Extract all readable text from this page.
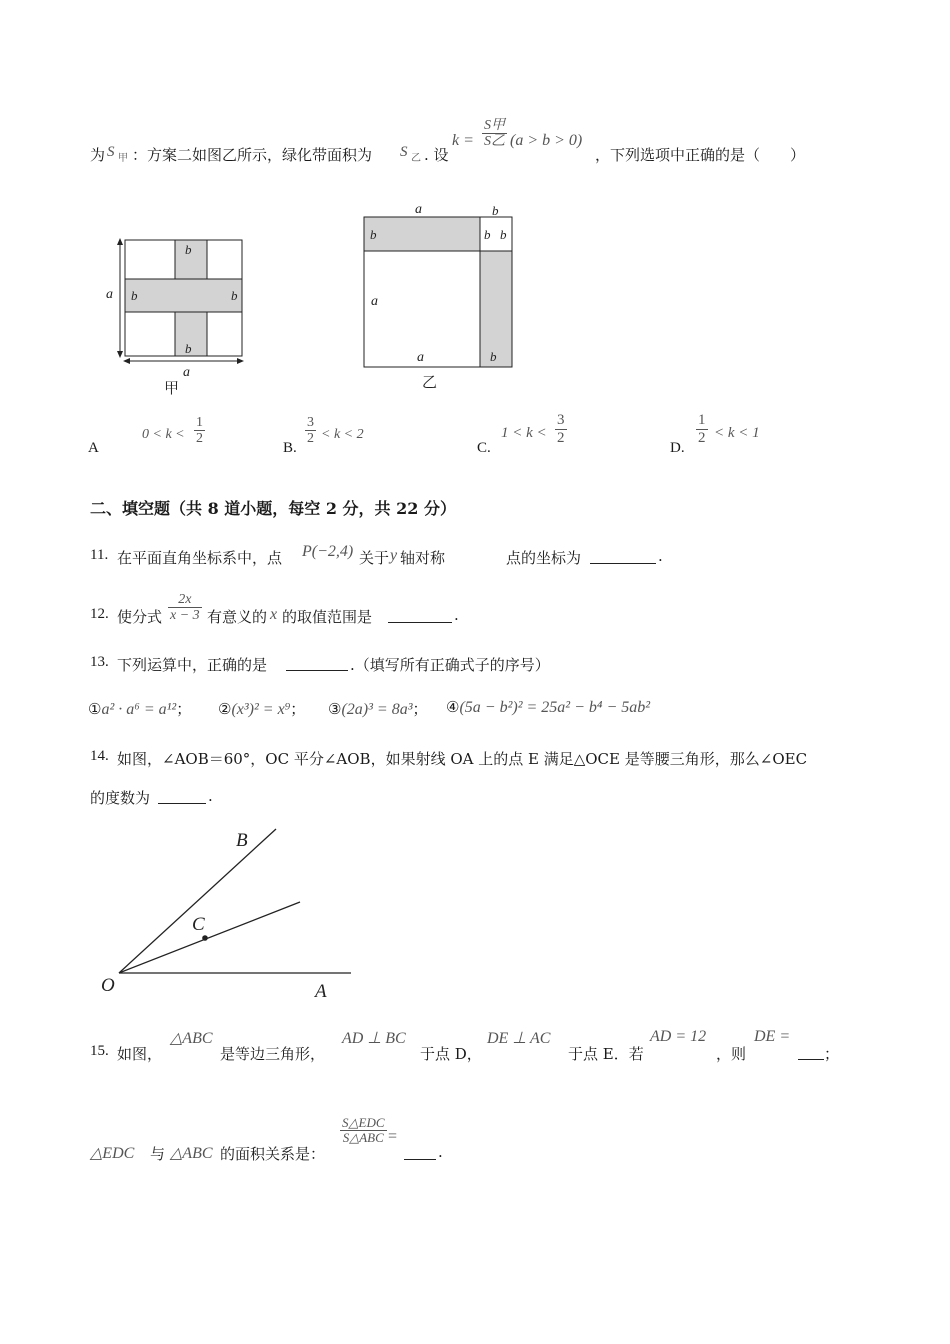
为 S 甲 ：方案二如图乙所示，绿化带面积为 S 乙 . 设
k =
S甲
S乙 (a > b > 0)
，下列选项中正确的是（　　）
a
a
b
b	b
b
甲
a	b
b	b b
a
a	b
乙
A
$0 < k < \frac{1}{2}$
B.
$\frac{3}{2} < k < 2$
C.
$1 < k < \frac{3}{2}$
D.
$\frac{1}{2} < k < 1$
二、填空题（共 8 道小题，每空 2 分，共 22 分）
11. 在平面直角坐标系中，点 P(−2,4) 关于 y 轴对称	点的坐标为	.
12. 使分式 $\frac{2x}{x - 3}$ 有意义的 x 的取值范围是	.
13. 下列运算中，正确的是	.（填写所有正确式子的序号）
①a² · a⁶ = a¹²； ②(x³)² = x⁹； ③(2a)³ = 8a³； ④(5a − b²)² = 25a² − b⁴ − 5ab²
14. 如图，∠AOB＝60°，OC 平分∠AOB，如果射线 OA 上的点 E 满足△OCE 是等腰三角形，那么∠OEC
的度数为	.
B
C
O	A
15. 如图，
△ABC
是等边三角形，
AD ⊥ BC
于点 D，
DE ⊥ AC
于点 E．若
AD = 12
，则
DE =
；
△EDC 与 △ABC 的面积关系是：
S△EDC
S△ABC =
.
